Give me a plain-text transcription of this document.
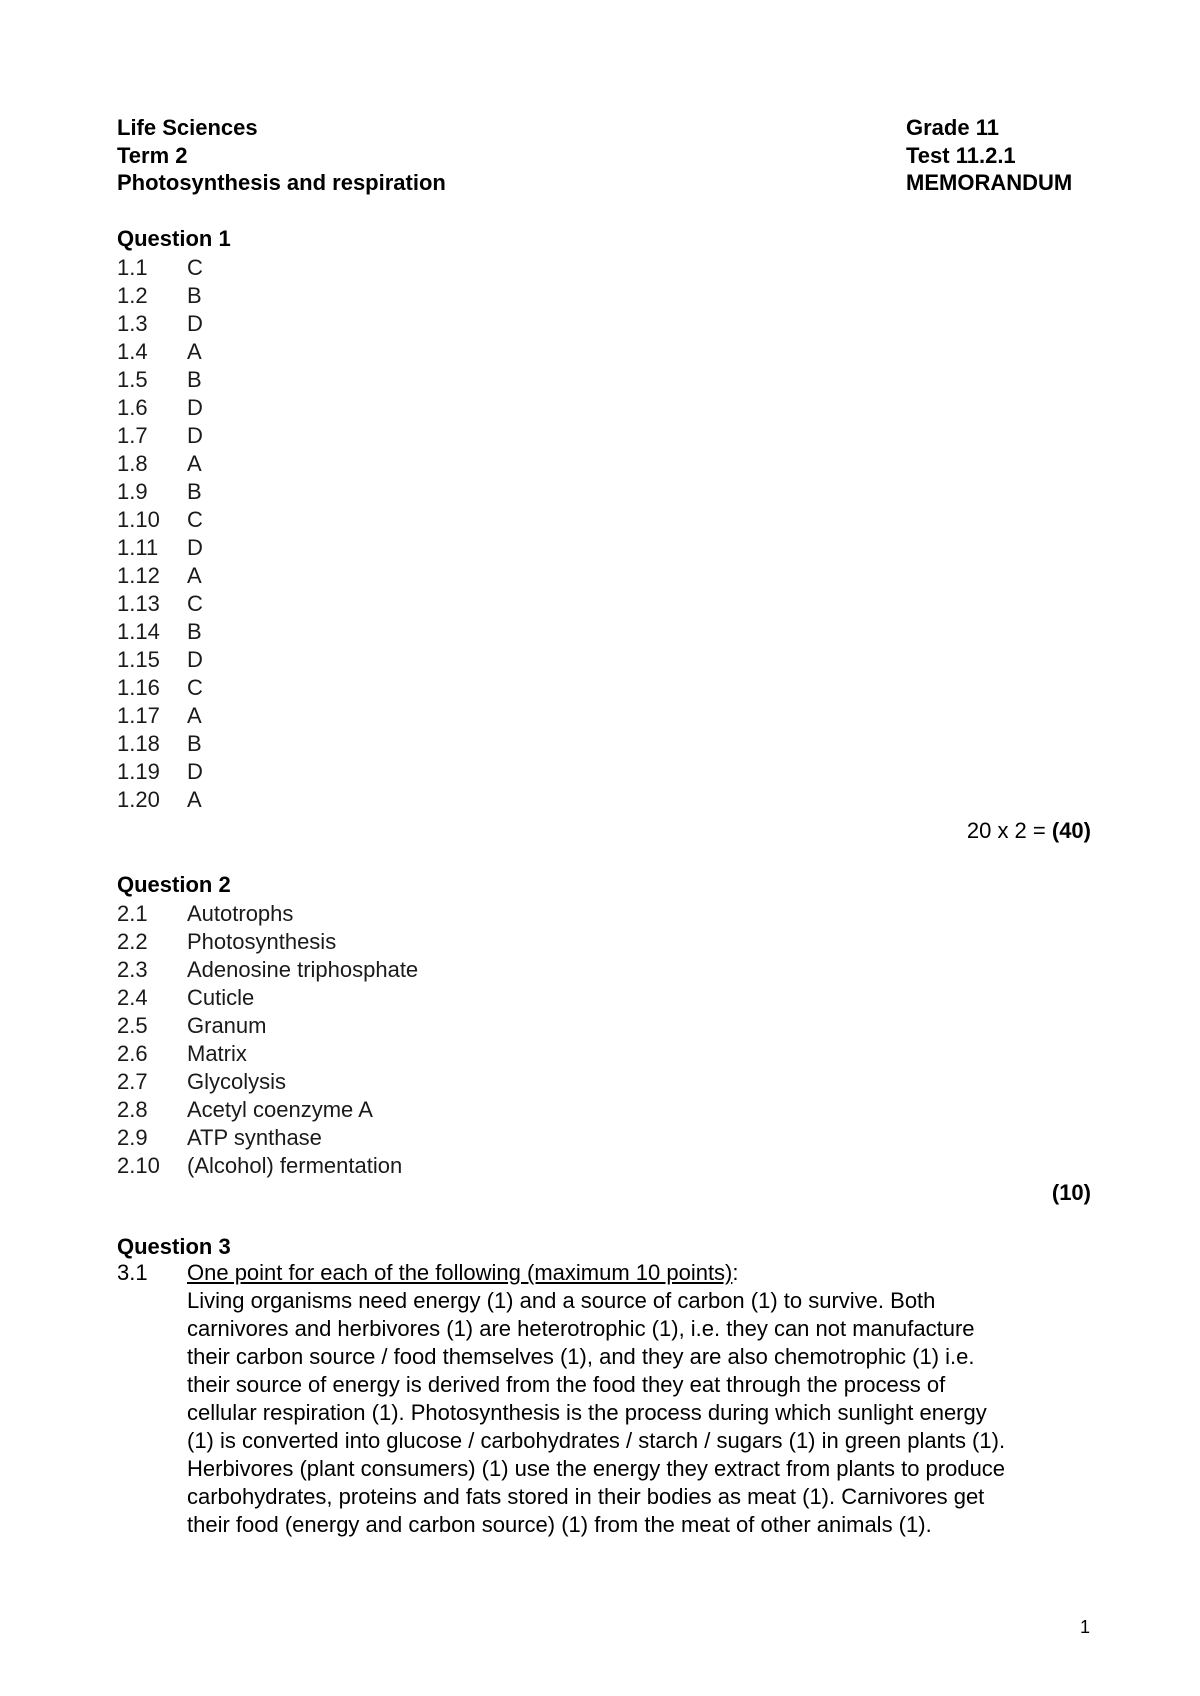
Life Sciences	Grade 11
Term 2	Test 11.2.1
Photosynthesis and respiration	MEMORANDUM
Question 1
1.1	C
1.2	B
1.3	D
1.4	A
1.5	B
1.6	D
1.7	D
1.8	A
1.9	B
1.10	C
1.11	D
1.12	A
1.13	C
1.14	B
1.15	D
1.16	C
1.17	A
1.18	B
1.19	D
1.20	A
20 x 2 = (40)
Question 2
2.1	Autotrophs
2.2	Photosynthesis
2.3	Adenosine triphosphate
2.4	Cuticle
2.5	Granum
2.6	Matrix
2.7	Glycolysis
2.8	Acetyl coenzyme A
2.9	ATP synthase
2.10	(Alcohol) fermentation
(10)
Question 3
3.1	One point for each of the following (maximum 10 points):
Living organisms need energy (1) and a source of carbon (1) to survive. Both
carnivores and herbivores (1) are heterotrophic (1), i.e. they can not manufacture
their carbon source / food themselves (1), and they are also chemotrophic (1) i.e.
their source of energy is derived from the food they eat through the process of
cellular respiration (1). Photosynthesis is the process during which sunlight energy
(1) is converted into glucose / carbohydrates / starch / sugars (1) in green plants (1).
Herbivores (plant consumers) (1) use the energy they extract from plants to produce
carbohydrates, proteins and fats stored in their bodies as meat (1). Carnivores get
their food (energy and carbon source) (1) from the meat of other animals (1).
1
